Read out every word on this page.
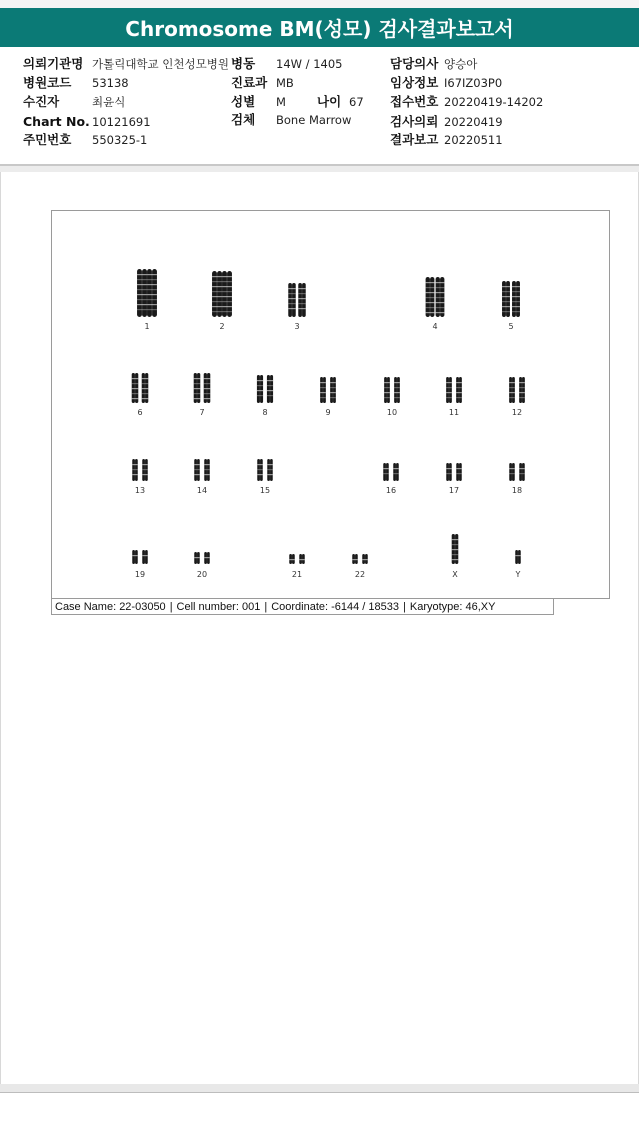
Chromosome BM(성모) 검사결과보고서
의뢰기관명 가톨릭대학교 인천성모병원 병동 14W / 1405	담당의사 양승아
병원코드 53138	진료과 MB	임상정보 I67IZ03P0
수진자	최윤식	성별 M 나이 67 접수번호 20220419-14202
Chart No. 10121691	검체 Bone Marrow	검사의뢰 20220419
주민번호 550325-1	결과보고 20220511
1	2	3	4	5
6	7	8	9	10	11	12
13	14	15	16	17	18
19	20	21	22	X	Y
Case Name: 22-03050 | Cell number: 001 | Coordinate: -6144 / 18533 | Karyotype: 46,XY
